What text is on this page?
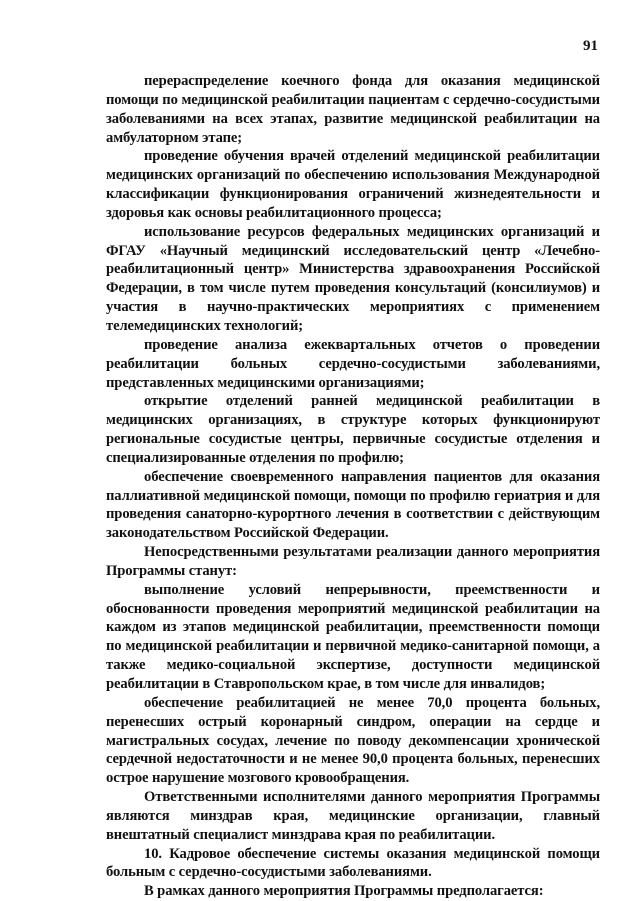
91

перераспределение коечного фонда для оказания медицинской помощи по медицинской реабилитации пациентам с сердечно-сосудистыми заболеваниями на всех этапах, развитие медицинской реабилитации на амбулаторном этапе;

проведение обучения врачей отделений медицинской реабилитации медицинских организаций по обеспечению использования Международной классификации функционирования ограничений жизнедеятельности и здоровья как основы реабилитационного процесса;

использование ресурсов федеральных медицинских организаций и ФГАУ «Научный медицинский исследовательский центр «Лечебно-реабилитационный центр» Министерства здравоохранения Российской Федерации, в том числе путем проведения консультаций (консилиумов) и участия в научно-практических мероприятиях с применением телемедицинских технологий;

проведение анализа ежеквартальных отчетов о проведении реабилитации больных сердечно-сосудистыми заболеваниями, представленных медицинскими организациями;

открытие отделений ранней медицинской реабилитации в медицинских организациях, в структуре которых функционируют региональные сосудистые центры, первичные сосудистые отделения и специализированные отделения по профилю;

обеспечение своевременного направления пациентов для оказания паллиативной медицинской помощи, помощи по профилю гериатрия и для проведения санаторно-курортного лечения в соответствии с действующим законодательством Российской Федерации.

Непосредственными результатами реализации данного мероприятия Программы станут:

выполнение условий непрерывности, преемственности и обоснованности проведения мероприятий медицинской реабилитации на каждом из этапов медицинской реабилитации, преемственности помощи по медицинской реабилитации и первичной медико-санитарной помощи, а также медико-социальной экспертизе, доступности медицинской реабилитации в Ставропольском крае, в том числе для инвалидов;

обеспечение реабилитацией не менее 70,0 процента больных, перенесших острый коронарный синдром, операции на сердце и магистральных сосудах, лечение по поводу декомпенсации хронической сердечной недостаточности и не менее 90,0 процента больных, перенесших острое нарушение мозгового кровообращения.

Ответственными исполнителями данного мероприятия Программы являются минздрав края, медицинские организации, главный внештатный специалист минздрава края по реабилитации.

10. Кадровое обеспечение системы оказания медицинской помощи больным с сердечно-сосудистыми заболеваниями.

В рамках данного мероприятия Программы предполагается:
